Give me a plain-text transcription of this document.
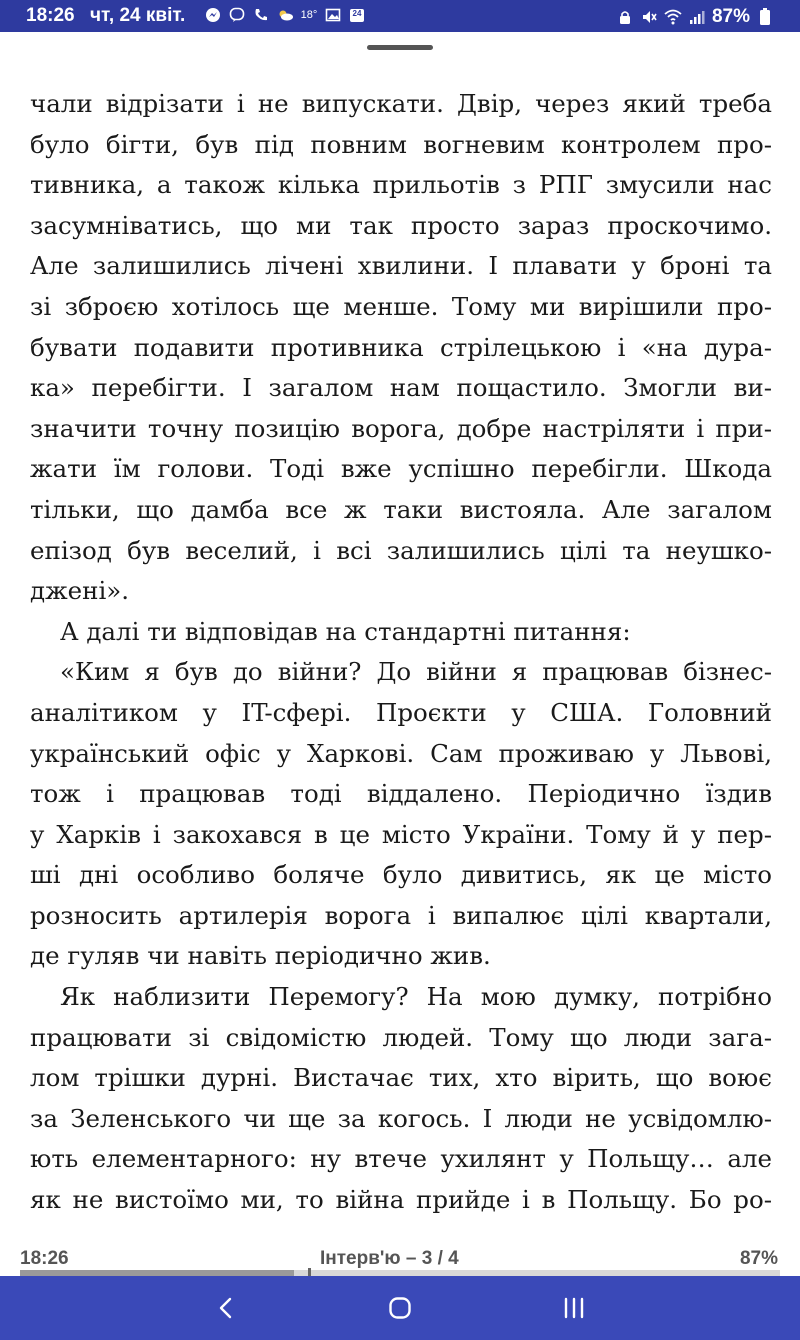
18:26 чт, 24 квіт.	18°	24	87%
чали відрізати і не випускати. Двір, через який треба
було бігти, був під повним вогневим контролем про-
тивника, а також кілька прильотів з РПГ змусили нас
засумніватись, що ми так просто зараз проскочимо.
Але залишились лічені хвилини. І плавати у броні та
зі зброєю хотілось ще менше. Тому ми вирішили про-
бувати подавити противника стрілецькою і «на дура-
ка» перебігти. І загалом нам пощастило. Змогли ви-
значити точну позицію ворога, добре настріляти і при-
жати їм голови. Тоді вже успішно перебігли. Шкода
тільки, що дамба все ж таки вистояла. Але загалом
епізод був веселий, і всі залишились цілі та неушко-
джені».
А далі ти відповідав на стандартні питання:
«Ким я був до війни? До війни я працював бізнес-
аналітиком у IT-сфері. Проєкти у США. Головний
український офіс у Харкові. Сам проживаю у Львові,
тож і працював тоді віддалено. Періодично їздив
у Харків і закохався в це місто України. Тому й у пер-
ші дні особливо боляче було дивитись, як це місто
розносить артилерія ворога і випалює цілі квартали,
де гуляв чи навіть періодично жив.
Як наблизити Перемогу? На мою думку, потрібно
працювати зі свідомістю людей. Тому що люди зага-
лом трішки дурні. Вистачає тих, хто вірить, що воює
за Зеленського чи ще за когось. І люди не усвідомлю-
ють елементарного: ну втече ухилянт у Польщу… але
як не вистоїмо ми, то війна прийде і в Польщу. Бо ро-
18:26	Інтерв'ю – 3 / 4	87%
